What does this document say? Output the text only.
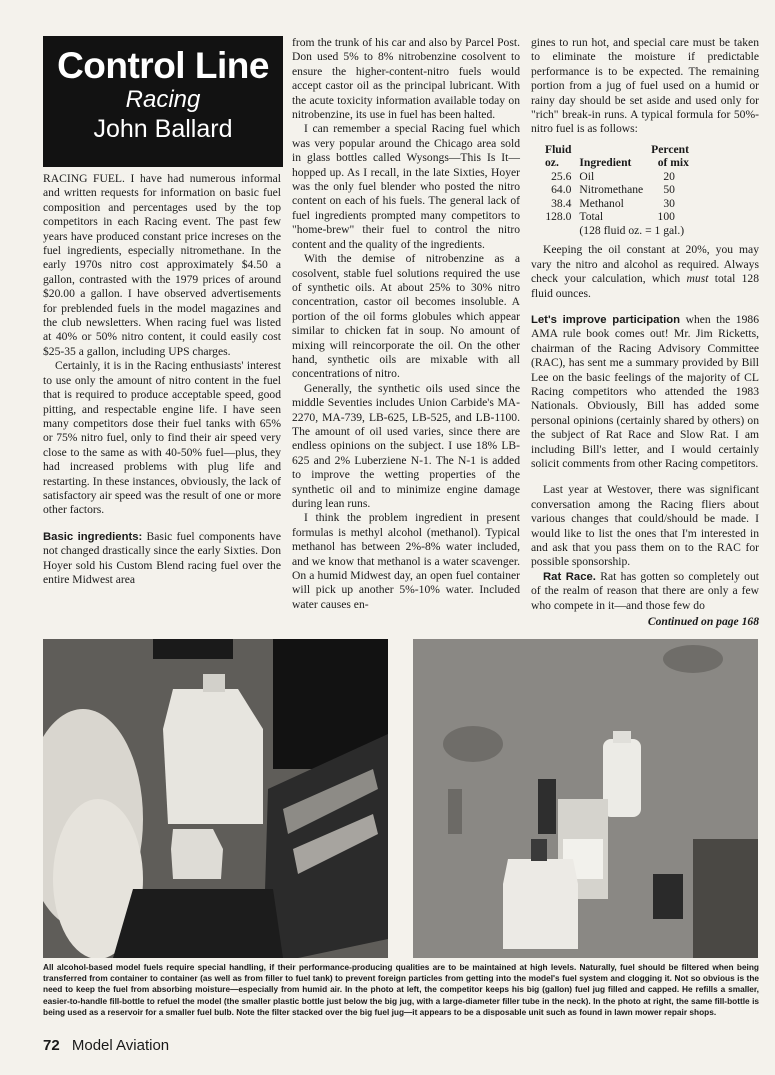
Control Line
Racing
John Ballard

RACING FUEL. I have had numerous informal and written requests for information on basic fuel composition and percentages used by the top competitors in each Racing event. The past few years have produced constant price increses on the fuel ingredients, especially nitromethane. In the early 1970s nitro cost approximately $4.50 a gallon, contrasted with the 1979 prices of around $20.00 a gallon. I have observed advertisements for preblended fuels in the model magazines and the club newsletters. When racing fuel was listed at 40% or 50% nitro content, it could easily cost $25-35 a gallon, including UPS charges.

Certainly, it is in the Racing enthusiasts' interest to use only the amount of nitro content in the fuel that is required to produce acceptable speed, good pitting, and respectable engine life. I have seen many competitors dose their fuel tanks with 65% or 75% nitro fuel, only to find their air speed very close to the same as with 40-50% fuel—plus, they had increased problems with plug life and restarting. In these instances, obviously, the lack of satisfactory air speed was the result of one or more other factors.

Basic ingredients: Basic fuel components have not changed drastically since the early Sixties. Don Hoyer sold his Custom Blend racing fuel over the entire Midwest area

from the trunk of his car and also by Parcel Post. Don used 5% to 8% nitrobenzine cosolvent to ensure the higher-content-nitro fuels would accept castor oil as the principal lubricant. With the acute toxicity information available today on nitrobenzine, its use in fuel has been halted.

I can remember a special Racing fuel which was very popular around the Chicago area sold in glass bottles called Wysongs—This Is It—hopped up. As I recall, in the late Sixties, Hoyer was the only fuel blender who posted the nitro content on each of his fuels. The general lack of fuel ingredients prompted many competitors to "home-brew" their fuel to control the nitro content and the quality of the ingredients.

With the demise of nitrobenzine as a cosolvent, stable fuel solutions required the use of synthetic oils. At about 25% to 30% nitro concentration, castor oil becomes insoluble. A portion of the oil forms globules which appear similar to chicken fat in soup. No amount of mixing will reincorporate the oil. On the other hand, synthetic oils are mixable with all concentrations of nitro.

Generally, the synthetic oils used since the middle Seventies includes Union Carbide's MA-2270, MA-739, LB-625, LB-525, and LB-1100. The amount of oil used varies, since there are endless opinions on the subject. I use 18% LB-625 and 2% Luberziene N-1. The N-1 is added to improve the wetting properties of the synthetic oil and to minimize engine damage during lean runs.

I think the problem ingredient in present formulas is methyl alcohol (methanol). Typical methanol has between 2%-8% water included, and we know that methanol is a water scavenger. On a humid Midwest day, an open fuel container will pick up another 5%-10% water. Included water causes en-

gines to run hot, and special care must be taken to eliminate the moisture if predictable performance is to be expected. The remaining portion from a jug of fuel used on a humid or rainy day should be set aside and used only for "rich" break-in runs. A typical formula for 50%-nitro fuel is as follows:

Fluid
oz.	Ingredient	Percent
of mix
25.6	Oil	20
64.0	Nitromethane	50
38.4	Methanol	30
128.0	Total	100
	(128 fluid oz. = 1 gal.)	

Keeping the oil constant at 20%, you may vary the nitro and alcohol as required. Always check your calculation, which must total 128 fluid ounces.

Let's improve participation when the 1986 AMA rule book comes out! Mr. Jim Ricketts, chairman of the Racing Advisory Committee (RAC), has sent me a summary provided by Bill Lee on the basic feelings of the majority of CL Racing competitors who attended the 1983 Nationals. Obviously, Bill has added some personal opinions (certainly shared by others) on the subject of Rat Race and Slow Rat. I am including Bill's letter, and I would certainly solicit comments from other Racing competitors.

Last year at Westover, there was significant conversation among the Racing fliers about various changes that could/should be made. I would like to list the ones that I'm interested in and ask that you pass them on to the RAC for possible sponsorship.

Rat Race. Rat has gotten so completely out of the realm of reason that there are only a few who compete in it—and those few do

Continued on page 168
All alcohol-based model fuels require special handling, if their performance-producing qualities are to be maintained at high levels. Naturally, fuel should be filtered when being transferred from container to container (as well as from filler to fuel tank) to prevent foreign particles from getting into the model's fuel system and clogging it. Not so obvious is the need to keep the fuel from absorbing moisture—especially from humid air. In the photo at left, the competitor keeps his big (gallon) fuel jug filled and capped. He refills a smaller, easier-to-handle fill-bottle to refuel the model (the smaller plastic bottle just below the big jug, with a large-diameter filler tube in the neck). In the photo at right, the same fill-bottle is being used as a reservoir for a smaller fuel bulb. Note the filter stacked over the big fuel jug—it appears to be a disposable unit such as found in lawn mower repair shops.
72 Model Aviation
